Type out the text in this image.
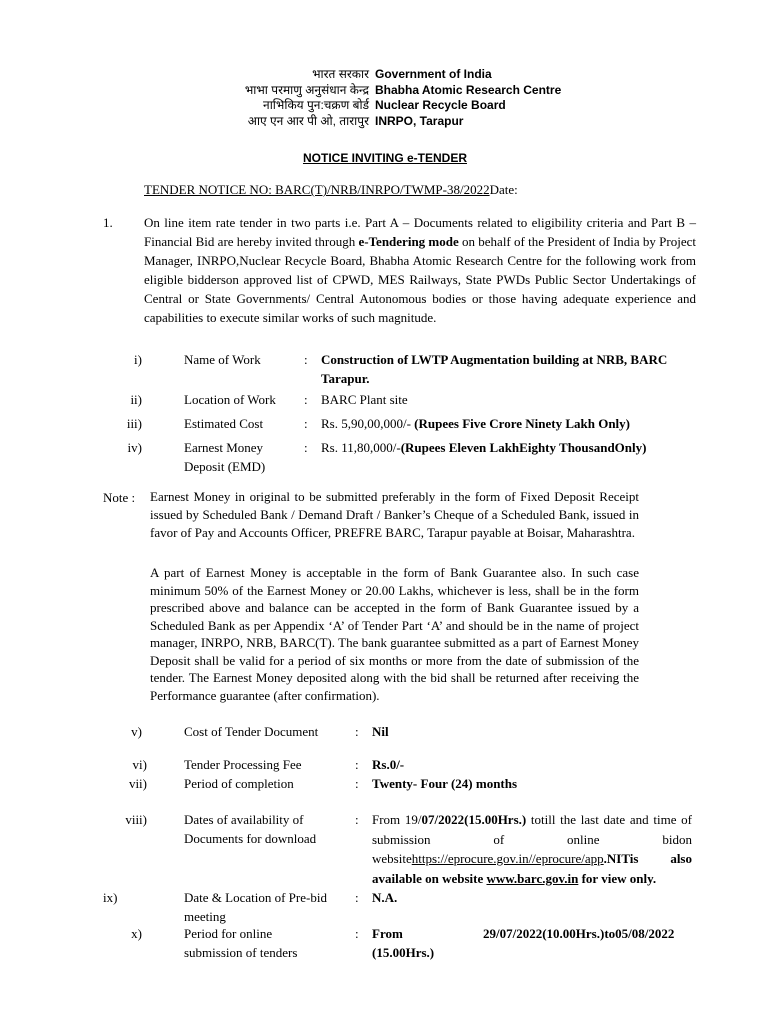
भारत सरकार Government of India
भाभा परमाणु अनुसंधान केन्द्र Bhabha Atomic Research Centre
नाभिकिय पुन:चक्रण बोर्ड Nuclear Recycle Board
आए एन आर पी ओ, तारापुर INRPO, Tarapur
NOTICE INVITING e-TENDER
TENDER NOTICE NO: BARC(T)/NRB/INRPO/TWMP-38/2022Date:
1. On line item rate tender in two parts i.e. Part A – Documents related to eligibility criteria and Part B – Financial Bid are hereby invited through e-Tendering mode on behalf of the President of India by Project Manager, INRPO,Nuclear Recycle Board, Bhabha Atomic Research Centre for the following work from eligible bidderson approved list of CPWD, MES Railways, State PWDs Public Sector Undertakings of Central or State Governments/ Central Autonomous bodies or those having adequate experience and capabilities to execute similar works of such magnitude.
i)	Name of Work	: Construction of LWTP Augmentation building at NRB, BARC Tarapur.
ii)	Location of Work : BARC Plant site
iii)	Estimated Cost	: Rs. 5,90,00,000/- (Rupees Five Crore Ninety Lakh Only)
iv)	Earnest Money Deposit (EMD)
: Rs. 11,80,000/-(Rupees Eleven LakhEighty ThousandOnly)
Note : Earnest Money in original to be submitted preferably in the form of Fixed Deposit Receipt issued by Scheduled Bank / Demand Draft / Banker’s Cheque of a Scheduled Bank, issued in favor of Pay and Accounts Officer, PREFRE BARC, Tarapur payable at Boisar, Maharashtra.
A part of Earnest Money is acceptable in the form of Bank Guarantee also. In such case minimum 50% of the Earnest Money or 20.00 Lakhs, whichever is less, shall be in the form prescribed above and balance can be accepted in the form of Bank Guarantee issued by a Scheduled Bank as per Appendix ‘A’ of Tender Part ‘A’ and should be in the name of project manager, INRPO, NRB, BARC(T). The bank guarantee submitted as a part of Earnest Money Deposit shall be valid for a period of six months or more from the date of submission of the tender. The Earnest Money deposited along with the bid shall be returned after receiving the Performance guarantee (after confirmation).
v)	Cost of Tender Document	: Nil
vi)	Tender Processing Fee	: Rs.0/-
vii)	Period of completion	: Twenty- Four (24) months
viii)	Dates of availability of Documents for download
: From 19/07/2022(15.00Hrs.) totill the last date and time of submission of online bidon websitehttps://eprocure.gov.in//eprocure/app.NITis also available on website www.barc.gov.in for view only.
ix)	Date & Location of Pre-bid meeting
: N.A.
x)	Period for online submission of tenders
: From	29/07/2022(10.00Hrs.)to05/08/2022
(15.00Hrs.)
